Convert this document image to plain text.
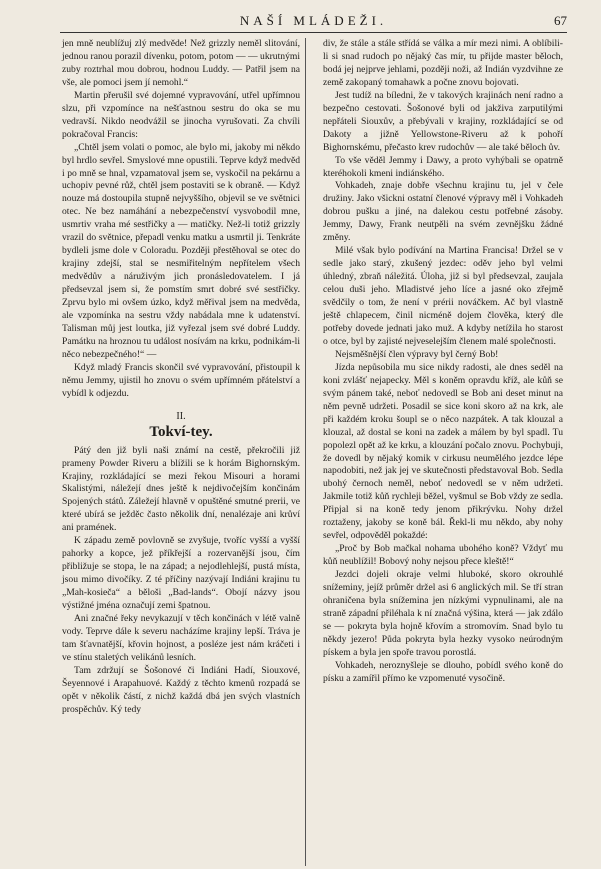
NAŠÍ MLÁDEŽI.	67

jen mně neublížuj zlý medvěde! Než grizzly neměl slitování, jednou ranou porazil dívenku, potom, potom — — ukrutnými zuby roztrhal mou dobrou, hodnou Luddy. — Patřil jsem na vše, ale pomoci jsem jí nemohl.“

Martin přerušil své dojemné vypravování, utřel upřímnou slzu, při vzpomínce na nešťastnou sestru do oka se mu vedravší. Nikdo neodvážil se jinocha vyrušovati. Za chvíli pokračoval Francis:

„Chtěl jsem volati o pomoc, ale bylo mi, jakoby mi někdo byl hrdlo sevřel. Smyslové mne opustili. Teprve když medvěd i po mně se hnal, vzpamatoval jsem se, vyskočil na pekárnu a uchopiv pevné růž, chtěl jsem postaviti se k obraně. — Když nouze má dostoupila stupně nejvyššího, objevil se ve světnici otec. Ne bez namáhání a nebezpečenství vysvobodil mne, usmrtiv vraha mé sestřičky a — matičky. Než-li totiž grizzly vrazil do světnice, přepadl venku matku a usmrtil ji. Tenkráte bydleli jsme dole v Coloradu. Později přestěhoval se otec do krajiny zdejší, stal se nesmiřitelným nepřítelem všech medvědův a náruživým jich pronásledovatelem. I já předsevzal jsem si, že pomstím smrt dobré své sestřičky. Zprvu bylo mi ovšem úzko, když měřival jsem na medvěda, ale vzpomínka na sestru vždy nabádala mne k udatenství. Talisman můj jest loutka, již vyřezal jsem své dobré Luddy. Památku na hroznou tu událost nosívám na krku, podnikám-li něco nebezpečného!“ —

Když mladý Francis skončil své vypravování, přistoupil k němu Jemmy, ujistil ho znovu o svém upřímném přátelství a vybídl k odjezdu.

II.
Tokví-tey.

Pátý den již byli naši známí na cestě, překročili již prameny Powder Riveru a blížili se k horám Bighornským. Krajiny, rozkládající se mezi řekou Misouri a horami Skalistými, náležejí dnes ještě k nejdivočejším končinám Spojených států. Záležejí hlavně v opuštěné smutné prerii, ve které ubírá se ježděc často několik dní, nenalézaje ani krůví ani pramének.

K západu země povlovně se zvyšuje, tvoříc vyšší a vyšší pahorky a kopce, jež příkřejší a rozervanější jsou, čím přibližuje se stopa, le na západ; a nejodlehlejší, pustá místa, jsou mimo divočíky. Z té příčiny nazývají Indiáni krajinu tu „Mah-kosieča“ a běloši „Bad-lands“. Obojí názvy jsou výstižné jména označují zemi špatnou.

Ani značné řeky nevykazují v těch končinách v létě valně vody. Teprve dále k severu nacházíme krajiny lepší. Tráva je tam šťavnatější, křovin hojnost, a posléze jest nám kráčeti i ve stínu staletých velikánů lesních.

Tam zdržují se Šošonové či Indiáni Hadí, Siouxové, Šeyennové i Arapahuové. Každý z těchto kmenů rozpadá se opět v několik částí, z nichž každá dbá jen svých vlastních prospěchův. Ký tedy

div, že stále a stále střídá se válka a mír mezi nimi. A oblíbili-li si snad rudoch po nějaký čas mír, tu přijde master běloch, bodá jej nejprve jehlami, později noži, až Indián vyzdvihne ze země zakopaný tomahawk a počne znovu bojovati.

Jest tudíž na bíledni, že v takových krajinách není radno a bezpečno cestovati. Šošonové byli od jakživa zarputilými nepřáteli Siouxův, a přebývali v krajiny, rozkládající se od Dakoty a jižně Yellowstone-Riveru až k pohoří Bighornskému, přečasto krev rudochův — ale také běloch ův.

To vše věděl Jemmy i Dawy, a proto vyhýbali se opatrně kteréhokoli kmeni indiánského.

Vohkadeh, znaje dobře všechnu krajinu tu, jel v čele družiny. Jako všickni ostatní členové výpravy měl i Vohkadeh dobrou pušku a jiné, na dalekou cestu potřebné zásoby. Jemmy, Dawy, Frank neutpěli na svém zevnějšku žádné změny.

Milé však bylo podívání na Martina Francisa! Držel se v sedle jako starý, zkušený jezdec: oděv jeho byl velmi úhledný, zbraň náležitá. Úloha, již si byl předsevzal, zaujala celou duši jeho. Mladistvé jeho líce a jasné oko zřejmě svědčily o tom, že není v prérii nováčkem. Ač byl vlastně ještě chlapecem, činil nicméně dojem člověka, který dle potřeby dovede jednati jako muž. A kdyby netížila ho starost o otce, byl by zajisté nejveselejším členem malé společnosti.

Nejsměšnější člen výpravy byl černý Bob!

Jízda nepůsobila mu sice nikdy radosti, ale dnes seděl na koni zvlášť nejapecky. Měl s koněm opravdu kříž, ale kůň se svým pánem také, neboť nedovedl se Bob ani deset minut na něm pevně udržeti. Posadil se sice koni skoro až na krk, ale při každém kroku šoupl se o něco nazpátek. A tak klouzal a klouzal, až dostal se koni na zadek a málem by byl spadl. Tu popolezl opět až ke krku, a klouzání počalo znovu. Pochybuji, že dovedl by nějaký komik v cirkusu neumělého jezdce lépe napodobiti, než jak jej ve skutečnosti představoval Bob. Sedla ubohý černoch neměl, neboť nedovedl se v něm udržeti. Jakmile totiž kůň rychleji běžel, vyšmul se Bob vždy ze sedla. Připjal si na koně tedy jenom přikrývku. Nohy držel roztaženy, jakoby se koně bál. Řekl-li mu někdo, aby nohy sevřel, odpověděl pokaždé:

„Proč by Bob mačkal nohama ubohého koně? Vždyť mu kůň neublížil! Bobový nohy nejsou přece kleště!“

Jezdci dojeli okraje velmi hluboké, skoro okrouhlé snížeminy, jejíž průměr držel asi 6 anglických mil. Se tří stran ohraničena byla snížemina jen nízkými vypnulinami, ale na straně západní přiléhala k ní značná výšina, která — jak zdálo se — pokryta byla hojně křovím a stromovím. Snad bylo tu někdy jezero! Půda pokryta byla hezky vysoko neúrodným pískem a byla jen spoře travou porostlá.

Vohkadeh, neroznyšleje se dlouho, pobídl svého koně do písku a zamířil přímo ke vzpomenuté vysočině.
